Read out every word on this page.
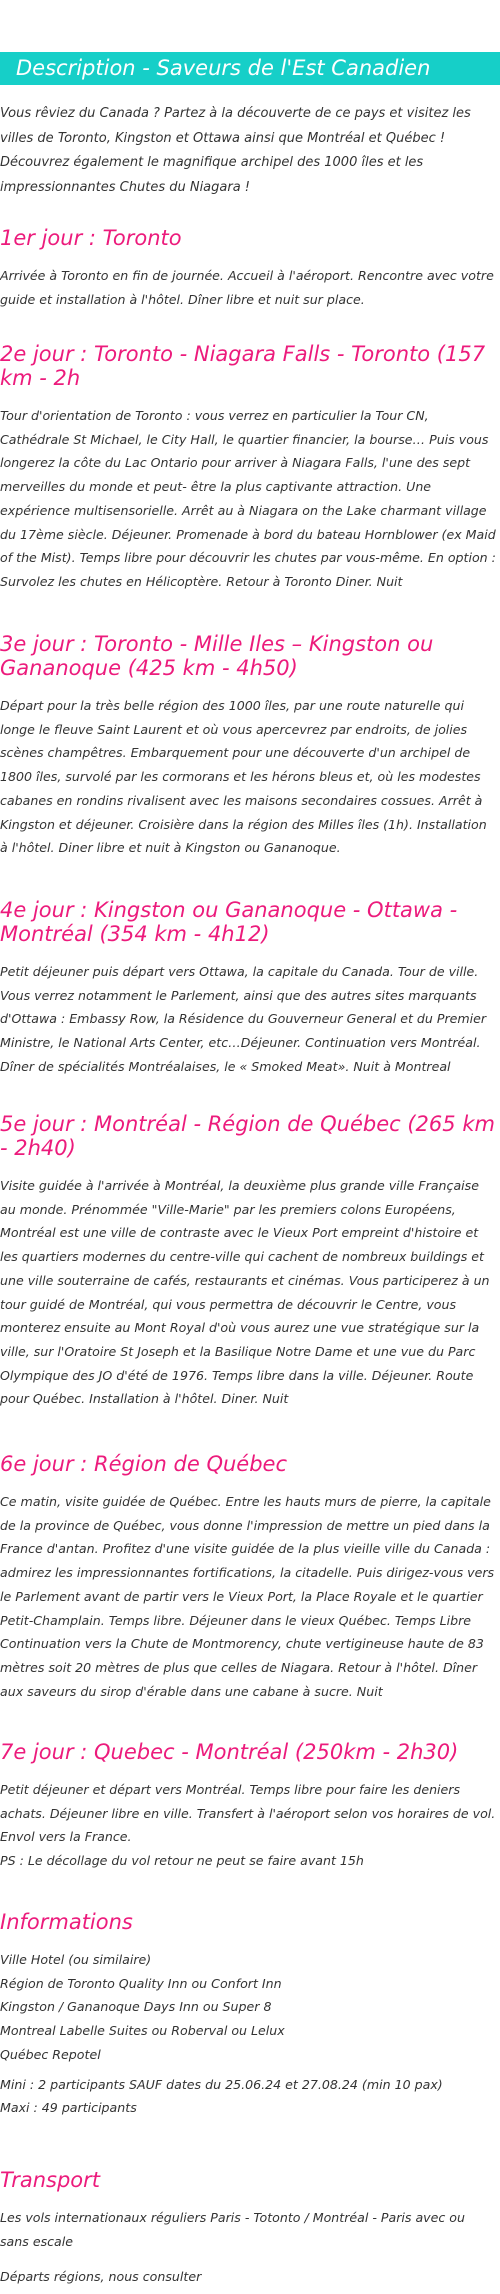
Description - Saveurs de l'Est Canadien

Vous rêviez du Canada ? Partez à la découverte de ce pays et visitez les villes de Toronto, Kingston et Ottawa ainsi que Montréal et Québec ! Découvrez également le magnifique archipel des 1000 îles et les impressionnantes Chutes du Niagara !

1er jour : Toronto

Arrivée à Toronto en fin de journée. Accueil à l'aéroport. Rencontre avec votre guide et installation à l'hôtel. Dîner libre et nuit sur place.

2e jour : Toronto - Niagara Falls - Toronto (157 km - 2h

Tour d'orientation de Toronto : vous verrez en particulier la Tour CN, Cathédrale St Michael, le City Hall, le quartier financier, la bourse… Puis vous longerez la côte du Lac Ontario pour arriver à Niagara Falls, l'une des sept merveilles du monde et peut- être la plus captivante attraction. Une expérience multisensorielle. Arrêt au à Niagara on the Lake charmant village du 17ème siècle. Déjeuner. Promenade à bord du bateau Hornblower (ex Maid of the Mist). Temps libre pour découvrir les chutes par vous-même. En option : Survolez les chutes en Hélicoptère. Retour à Toronto Diner. Nuit

3e jour : Toronto - Mille Iles – Kingston ou Gananoque (425 km - 4h50)

Départ pour la très belle région des 1000 îles, par une route naturelle qui longe le fleuve Saint Laurent et où vous apercevrez par endroits, de jolies scènes champêtres. Embarquement pour une découverte d'un archipel de 1800 îles, survolé par les cormorans et les hérons bleus et, où les modestes cabanes en rondins rivalisent avec les maisons secondaires cossues. Arrêt à Kingston et déjeuner. Croisière dans la région des Milles îles (1h). Installation à l'hôtel. Diner libre et nuit à Kingston ou Gananoque.

4e jour : Kingston ou Gananoque - Ottawa - Montréal (354 km - 4h12)

Petit déjeuner puis départ vers Ottawa, la capitale du Canada. Tour de ville. Vous verrez notamment le Parlement, ainsi que des autres sites marquants d'Ottawa : Embassy Row, la Résidence du Gouverneur General et du Premier Ministre, le National Arts Center, etc…Déjeuner. Continuation vers Montréal. Dîner de spécialités Montréalaises, le « Smoked Meat». Nuit à Montreal

5e jour : Montréal - Région de Québec (265 km - 2h40)

Visite guidée à l'arrivée à Montréal, la deuxième plus grande ville Française au monde. Prénommée "Ville-Marie" par les premiers colons Européens, Montréal est une ville de contraste avec le Vieux Port empreint d'histoire et les quartiers modernes du centre-ville qui cachent de nombreux buildings et une ville souterraine de cafés, restaurants et cinémas. Vous participerez à un tour guidé de Montréal, qui vous permettra de découvrir le Centre, vous monterez ensuite au Mont Royal d'où vous aurez une vue stratégique sur la ville, sur l'Oratoire St Joseph et la Basilique Notre Dame et une vue du Parc Olympique des JO d'été de 1976. Temps libre dans la ville. Déjeuner. Route pour Québec. Installation à l'hôtel. Diner. Nuit

6e jour : Région de Québec

Ce matin, visite guidée de Québec. Entre les hauts murs de pierre, la capitale de la province de Québec, vous donne l'impression de mettre un pied dans la France d'antan. Profitez d'une visite guidée de la plus vieille ville du Canada : admirez les impressionnantes fortifications, la citadelle. Puis dirigez-vous vers le Parlement avant de partir vers le Vieux Port, la Place Royale et le quartier Petit-Champlain. Temps libre. Déjeuner dans le vieux Québec. Temps Libre Continuation vers la Chute de Montmorency, chute vertigineuse haute de 83 mètres soit 20 mètres de plus que celles de Niagara. Retour à l'hôtel. Dîner aux saveurs du sirop d'érable dans une cabane à sucre. Nuit

7e jour : Quebec - Montréal (250km - 2h30)

Petit déjeuner et départ vers Montréal. Temps libre pour faire les deniers achats. Déjeuner libre en ville. Transfert à l'aéroport selon vos horaires de vol.
Envol vers la France.
PS : Le décollage du vol retour ne peut se faire avant 15h

Informations

Ville Hotel (ou similaire)
Région de Toronto Quality Inn ou Confort Inn
Kingston / Gananoque Days Inn ou Super 8
Montreal Labelle Suites ou Roberval ou Lelux
Québec Repotel

Mini : 2 participants SAUF dates du 25.06.24 et 27.08.24 (min 10 pax)
Maxi : 49 participants

Transport

Les vols internationaux réguliers Paris - Totonto / Montréal - Paris avec ou sans escale

Départs régions, nous consulter
